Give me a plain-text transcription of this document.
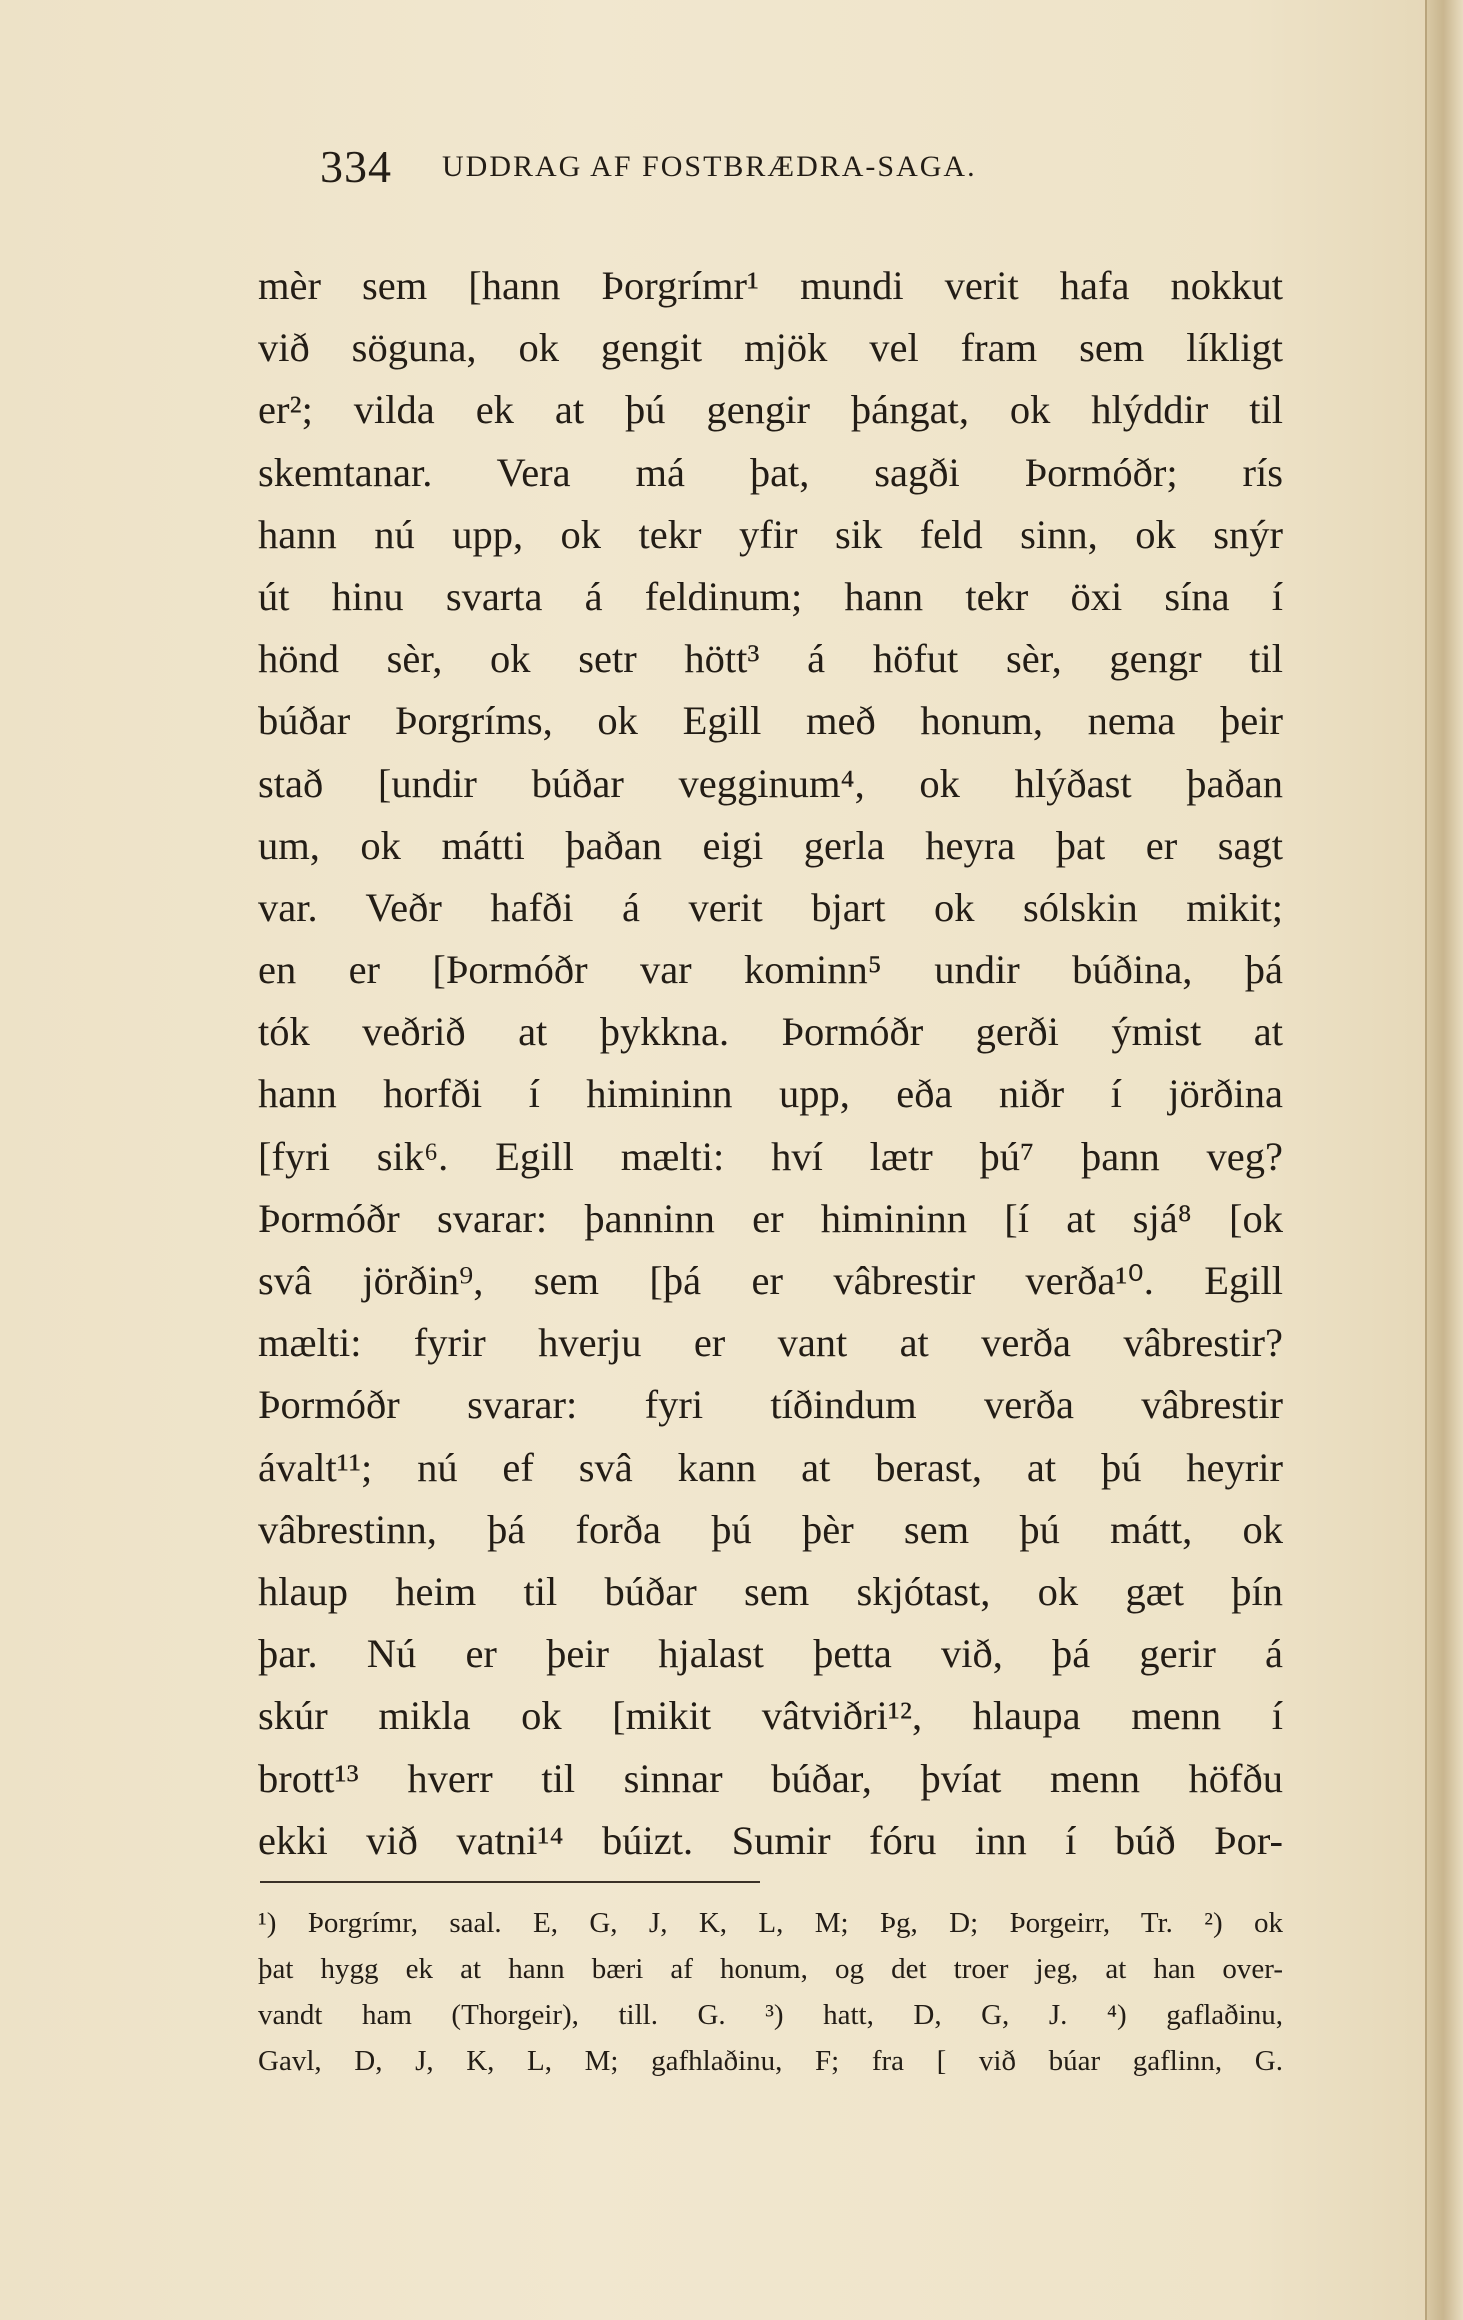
334 UDDRAG AF FOSTBRÆDRA-SAGA.
mèr sem [hann Þorgrímr¹ mundi verit hafa nokkut
við söguna, ok gengit mjök vel fram sem líkligt
er²; vilda ek at þú gengir þángat, ok hlýddir til
skemtanar. Vera má þat, sagði Þormóðr; rís
hann nú upp, ok tekr yfir sik feld sinn, ok snýr
út hinu svarta á feldinum; hann tekr öxi sína í
hönd sèr, ok setr hött³ á höfut sèr, gengr til
búðar Þorgríms, ok Egill með honum, nema þeir
stað [undir búðar vegginum⁴, ok hlýðast þaðan
um, ok mátti þaðan eigi gerla heyra þat er sagt
var. Veðr hafði á verit bjart ok sólskin mikit;
en er [Þormóðr var kominn⁵ undir búðina, þá
tók veðrið at þykkna. Þormóðr gerði ýmist at
hann horfði í himininn upp, eða niðr í jörðina
[fyri sik⁶. Egill mælti: hví lætr þú⁷ þann veg?
Þormóðr svarar: þanninn er himininn [í at sjá⁸ [ok
svâ jörðin⁹, sem [þá er vâbrestir verða¹⁰. Egill
mælti: fyrir hverju er vant at verða vâbrestir?
Þormóðr svarar: fyri tíðindum verða vâbrestir
ávalt¹¹; nú ef svâ kann at berast, at þú heyrir
vâbrestinn, þá forða þú þèr sem þú mátt, ok
hlaup heim til búðar sem skjótast, ok gæt þín
þar. Nú er þeir hjalast þetta við, þá gerir á
skúr mikla ok [mikit vâtviðri¹², hlaupa menn í
brott¹³ hverr til sinnar búðar, þvíat menn höfðu
ekki við vatni¹⁴ búizt. Sumir fóru inn í búð Þor-
¹) Þorgrímr, saal. E, G, J, K, L, M; Þg, D; Þorgeirr, Tr. ²) ok
þat hygg ek at hann bæri af honum, og det troer jeg, at han over-
vandt ham (Thorgeir), till. G. ³) hatt, D, G, J. ⁴) gaflaðinu,
Gavl, D, J, K, L, M; gafhlaðinu, F; fra [ við búar gaflinn, G.
